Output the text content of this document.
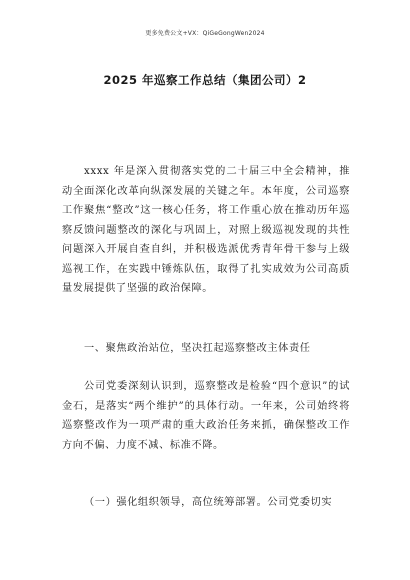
更多免费公文+VX：QiGeGongWen2024
2025 年巡察工作总结（集团公司）2
xxxx 年是深入贯彻落实党的二十届三中全会精神，推动全面深化改革向纵深发展的关键之年。本年度，公司巡察工作聚焦“整改”这一核心任务，将工作重心放在推动历年巡察反馈问题整改的深化与巩固上，对照上级巡视发现的共性问题深入开展自查自纠，并积极选派优秀青年骨干参与上级巡视工作，在实践中锤炼队伍，取得了扎实成效为公司高质量发展提供了坚强的政治保障。
一、聚焦政治站位，坚决扛起巡察整改主体责任
公司党委深刻认识到，巡察整改是检验“四个意识”的试金石，是落实“两个维护”的具体行动。一年来，公司始终将巡察整改作为一项严肃的重大政治任务来抓，确保整改工作方向不偏、力度不减、标准不降。
（一）强化组织领导，高位统筹部署。公司党委切实
